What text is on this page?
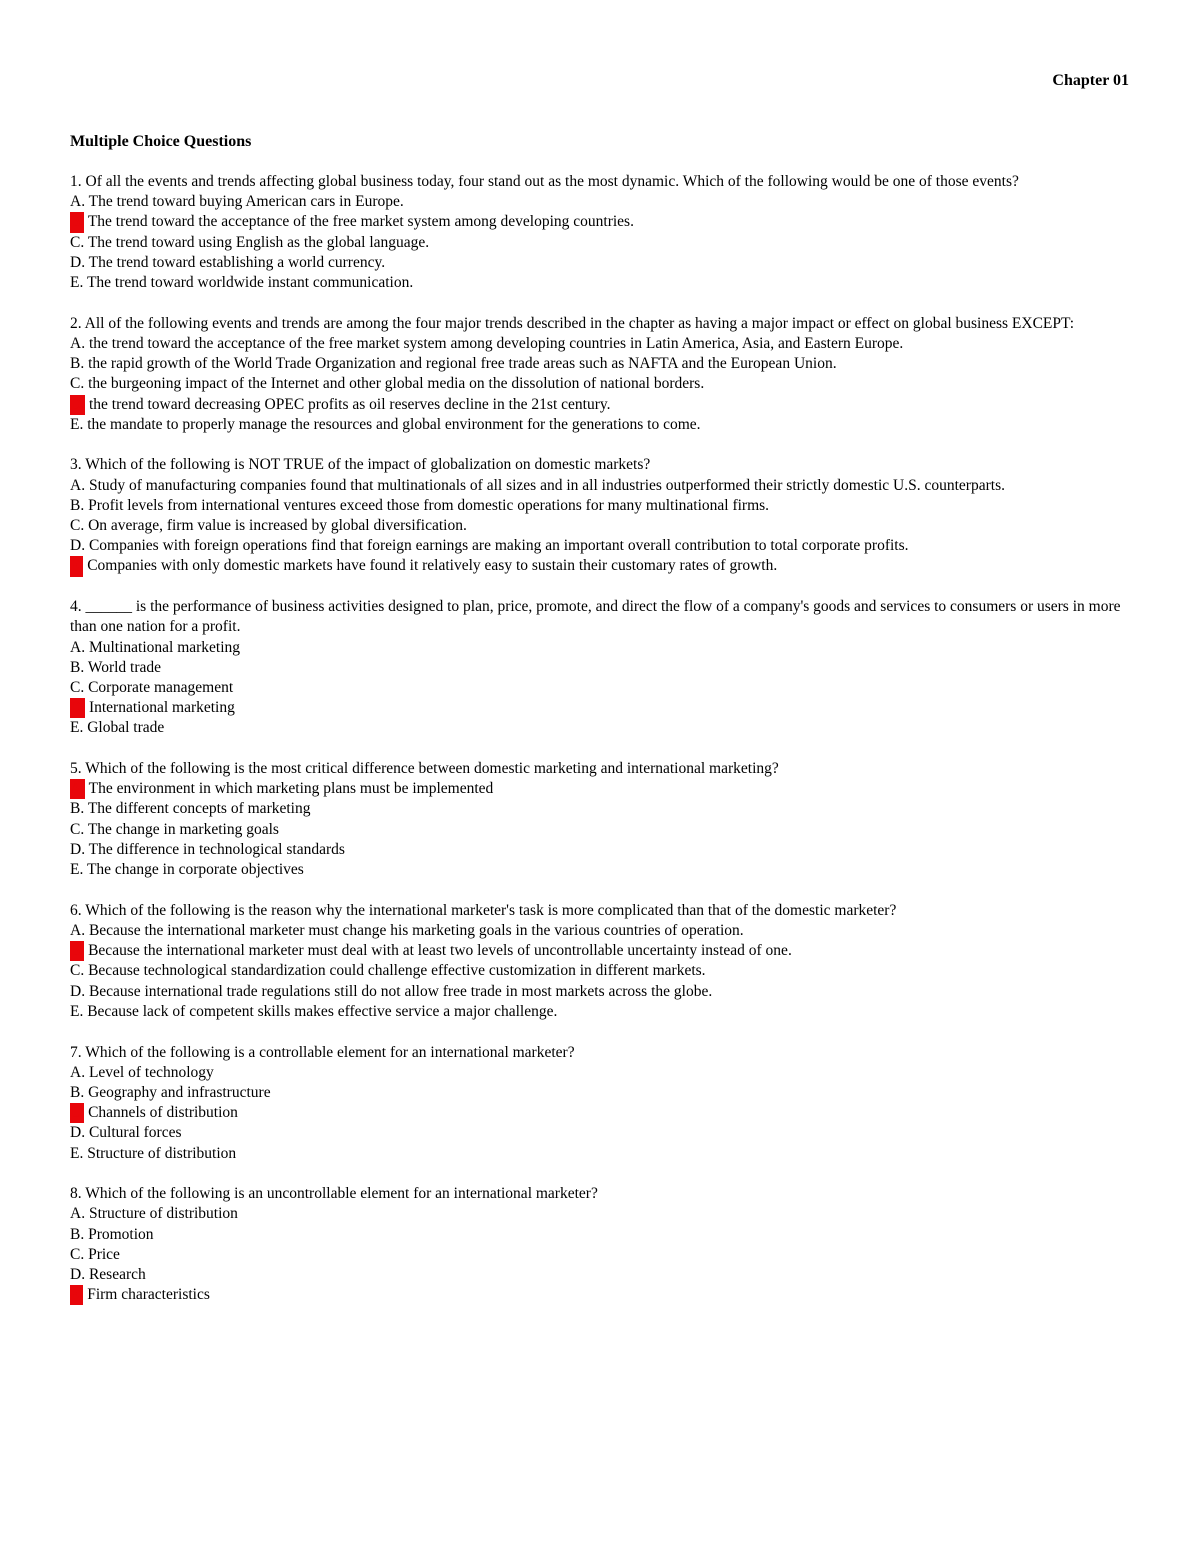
Chapter 01
Multiple Choice Questions
1. Of all the events and trends affecting global business today, four stand out as the most dynamic. Which of the following would be one of those events?
A. The trend toward buying American cars in Europe.
B. The trend toward the acceptance of the free market system among developing countries.
C. The trend toward using English as the global language.
D. The trend toward establishing a world currency.
E. The trend toward worldwide instant communication.
2. All of the following events and trends are among the four major trends described in the chapter as having a major impact or effect on global business EXCEPT:
A. the trend toward the acceptance of the free market system among developing countries in Latin America, Asia, and Eastern Europe.
B. the rapid growth of the World Trade Organization and regional free trade areas such as NAFTA and the European Union.
C. the burgeoning impact of the Internet and other global media on the dissolution of national borders.
D. the trend toward decreasing OPEC profits as oil reserves decline in the 21st century.
E. the mandate to properly manage the resources and global environment for the generations to come.
3. Which of the following is NOT TRUE of the impact of globalization on domestic markets?
A. Study of manufacturing companies found that multinationals of all sizes and in all industries outperformed their strictly domestic U.S. counterparts.
B. Profit levels from international ventures exceed those from domestic operations for many multinational firms.
C. On average, firm value is increased by global diversification.
D. Companies with foreign operations find that foreign earnings are making an important overall contribution to total corporate profits.
E. Companies with only domestic markets have found it relatively easy to sustain their customary rates of growth.
4. ______ is the performance of business activities designed to plan, price, promote, and direct the flow of a company's goods and services to consumers or users in more than one nation for a profit.
A. Multinational marketing
B. World trade
C. Corporate management
D. International marketing
E. Global trade
5. Which of the following is the most critical difference between domestic marketing and international marketing?
A. The environment in which marketing plans must be implemented
B. The different concepts of marketing
C. The change in marketing goals
D. The difference in technological standards
E. The change in corporate objectives
6. Which of the following is the reason why the international marketer's task is more complicated than that of the domestic marketer?
A. Because the international marketer must change his marketing goals in the various countries of operation.
B. Because the international marketer must deal with at least two levels of uncontrollable uncertainty instead of one.
C. Because technological standardization could challenge effective customization in different markets.
D. Because international trade regulations still do not allow free trade in most markets across the globe.
E. Because lack of competent skills makes effective service a major challenge.
7. Which of the following is a controllable element for an international marketer?
A. Level of technology
B. Geography and infrastructure
C. Channels of distribution
D. Cultural forces
E. Structure of distribution
8. Which of the following is an uncontrollable element for an international marketer?
A. Structure of distribution
B. Promotion
C. Price
D. Research
E. Firm characteristics
